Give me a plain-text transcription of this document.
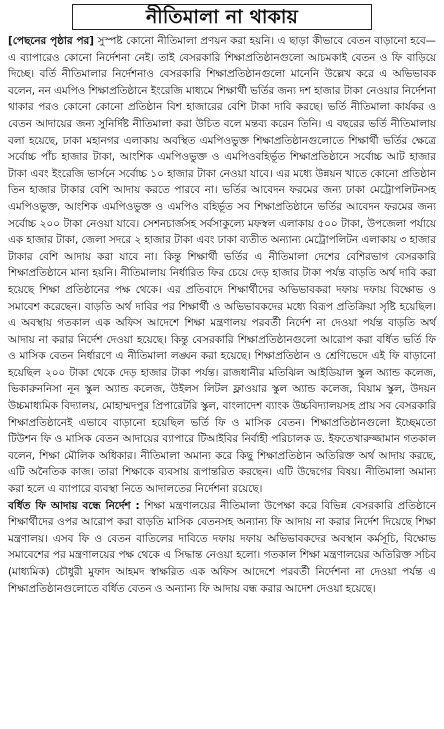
নীতিমালা না থাকায়

[পেছনের পৃষ্ঠার পর] সুস্পষ্ট কোনো নীতিমালা প্রণয়ন করা হয়নি। এ ছাড়া কীভাবে বেতন বাড়ানো হবে— এ ব্যাপারেও কোনো নির্দেশনা নেই। তাই বেসরকারি শিক্ষাপ্রতিষ্ঠানগুলো আচমকাই বেতন ও ফি বাড়িয়ে দিচ্ছে। বর্তি নীতিমালার নির্দেশনাও বেসরকারি শিক্ষাপ্রতিষ্ঠানগুলো মানেনি উল্লেখ করে এ অভিভাবক বলেন, নন এমপিও শিক্ষাপ্রতিষ্ঠানে ইংরেজি মাধ্যমে শিক্ষার্থী ভর্তির জন্য দশ হাজার টাকা নেওয়ার নির্দেশনা থাকার পরও কোনো কোনো প্রতিষ্ঠান বিশ হাজারের বেশি টাকা দাবি করছে। ভর্তি নীতিমালা কার্যকর ও বেতন আদায়ের জন্য সুনির্দিষ্ট নীতিমালা করা উচিত বলে মন্তব্য করেন তিনি। এ বছরের ভর্তি নীতিমালায় বলা হয়েছে, ঢাকা মহানগর এলাকায় অবস্থিত এমপিওভুক্ত শিক্ষাপ্রতিষ্ঠানগুলোতে শিক্ষার্থী ভর্তির ক্ষেত্রে সর্বোচ্চ পাঁচ হাজার টাকা, আংশিক এমপিওভুক্ত ও এমপিওবহির্ভূত শিক্ষাপ্রতিষ্ঠানে সর্বোচ্চ আট হাজার টাকা এবং ইংরেজি ভার্সনে সর্বোচ্চ ১০ হাজার টাকা নেওয়া যাবে। এর মধ্যে উন্নয়ন খাতে কোনো প্রতিষ্ঠান তিন হাজার টাকার বেশি আদায় করতে পারবে না। ভর্তির আবেদন ফরমের জন্য ঢাকা মেট্রোপলিটনসহ এমপিওভুক্ত, আংশিক এমপিওভুক্ত ও এমপিও বহির্ভূত সব শিক্ষাপ্রতিষ্ঠানে ভর্তির আবেদন ফরমের জন্য সর্বোচ্চ ২০০ টাকা নেওয়া যাবে। সেশনচার্জসহ সর্বসাকুল্যে মফস্বল এলাকায় ৫০০ টাকা, উপজেলা পর্যায়ে এক হাজার টাকা, জেলা সদরে ২ হাজার টাকা এবং ঢাকা ব্যতীত অন্যান্য মেট্রোপলিটন এলাকায় ৩ হাজার টাকার বেশি আদায় করা যাবে না। কিন্তু শিক্ষার্থী ভর্তির এ নীতিমালা দেশের বেশিরভাগ বেসরকারি শিক্ষাপ্রতিষ্ঠানে মানা হয়নি। নীতিমালায় নির্ধারিত ফির চেয়ে দেড় হাজার টাকা পর্যন্ত বাড়তি অর্থ দাবি করা হয়েছে শিক্ষা প্রতিষ্ঠানের পক্ষ থেকে। এর প্রতিবাদে শিক্ষার্থীদের অভিভাবকরা দফায় দফায় বিক্ষোভ ও সমাবেশ করেছেন। বাড়তি অর্থ দাবির পর শিক্ষার্থী ও অভিভাবকদের মধ্যে বিরূপ প্রতিক্রিয়া সৃষ্টি হয়েছিল। এ অবস্থায় গতকাল এক অফিস আদেশে শিক্ষা মন্ত্রণালয় পরবর্তী নির্দেশ না দেওয়া পর্যন্ত বাড়তি অর্থ আদায় না করার নির্দেশ দেওয়া হয়েছে। কিন্তু বেসরকারি শিক্ষাপ্রতিষ্ঠানগুলো আরোপ করা বর্ধিত ভর্তি ফি ও মাসিক বেতন নির্ধারণে এ নীতিমালা লঙ্ঘন করা হয়েছে। শিক্ষাপ্রতিষ্ঠান ও শ্রেণিভেদে এই ফি বাড়ানো হয়েছিল ২০০ টাকা থেকে দেড় হাজার টাকা পর্যন্ত। রাজধানীর মতিঝিল আইডিয়াল স্কুল অ্যান্ড কলেজ, ভিকারুননিসা নূন স্কুল অ্যান্ড কলেজ, উইলস লিটল ফ্লাওয়ার স্কুল অ্যান্ড কলেজ, বিয়াম স্কুল, উদয়ন উচ্চমাধ্যমিক বিদ্যালয়, মোহাম্মদপুর প্রিপারেটরি স্কুল, বাংলাদেশ ব্যাংক উচ্চবিদ্যালয়সহ প্রায় সব বেসরকারি শিক্ষাপ্রতিষ্ঠানেই এভাবে বাড়ানো হয়েছিল ভর্তি ফি ও মাসিক বেতন। শিক্ষাপ্রতিষ্ঠানগুলো ইচ্ছেমতো টিউশন ফি ও মাসিক বেতন আদায়ের ব্যাপারে টিআইবির নির্বাহী পরিচালক ড. ইফতেখারুজ্জামান গতকাল বলেন, শিক্ষা মৌলিক অধিকার। নীতিমালা অমান্য করে কিছু শিক্ষাপ্রতিষ্ঠান অতিরিক্ত অর্থ আদায় করছে, এটি অনৈতিক কাজ। তারা শিক্ষাকে ব্যবসায় রূপান্তরিত করছেন। এটি উদ্বেগের বিষয়। নীতিমালা অমান্য করা হলে এ ব্যাপারে ব্যবস্থা নিতে আদালতের নির্দেশনা রয়েছে।

বর্ধিত ফি আদায় বন্ধে নির্দেশ : শিক্ষা মন্ত্রণালয়ের নীতিমালা উপেক্ষা করে বিভিন্ন বেসরকারি প্রতিষ্ঠানে শিক্ষার্থীদের ওপর আরোপ করা বাড়তি মাসিক বেতনসহ অন্যান্য ফি আদায় না করার নির্দেশ দিয়েছে শিক্ষা মন্ত্রণালয়। এসব ফি ও বেতন বাতিলের দাবিতে দফায় দফায় অভিভাবকদের অবস্থান কর্মসূচি, বিক্ষোভ সমাবেশের পর মন্ত্রণালয়ের পক্ষ থেকে এ সিদ্ধান্ত নেওয়া হলো। গতকাল শিক্ষা মন্ত্রণালয়ের অতিরিক্ত সচিব (মাধ্যমিক) চৌধুরী মুফাদ আহমদ স্বাক্ষরিত এক অফিস আদেশে পরবর্তী নির্দেশনা না দেওয়া পর্যন্ত এ শিক্ষাপ্রতিষ্ঠানগুলোতে বর্ধিত বেতন ও অন্যান্য ফি আদায় বন্ধ করার আদেশ দেওয়া হয়েছে।
